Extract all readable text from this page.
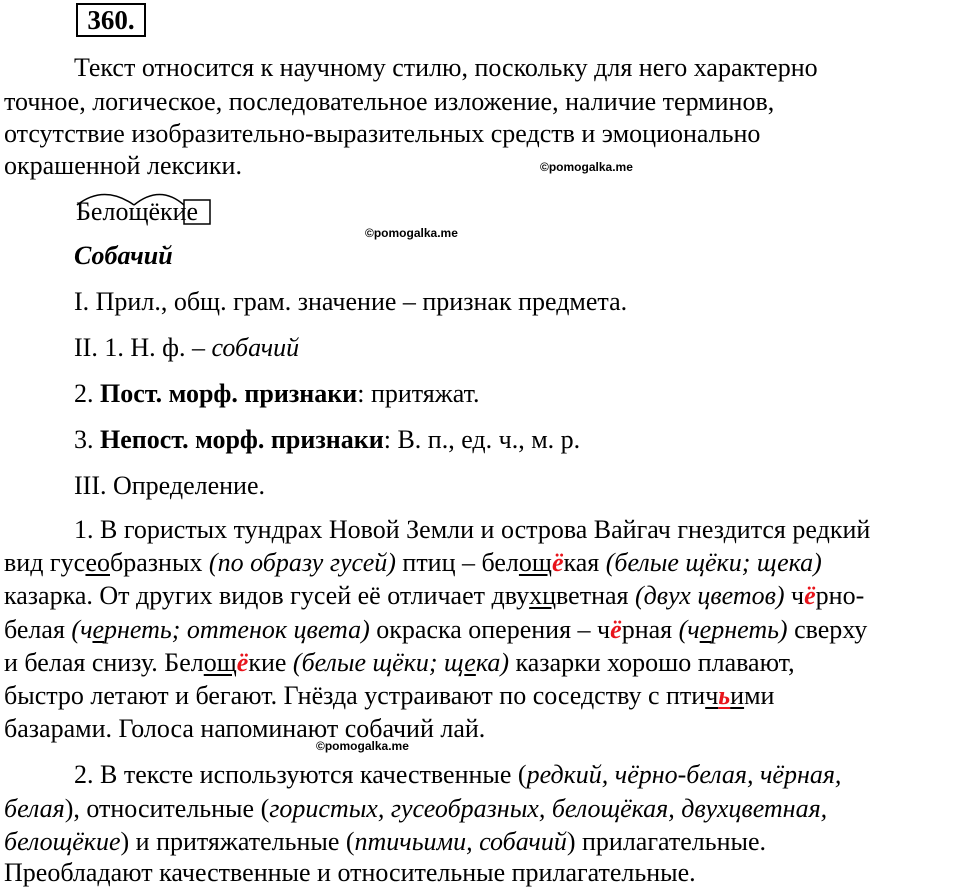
360.
Текст относится к научному стилю, поскольку для него характерно
точное, логическое, последовательное изложение, наличие терминов,
отсутствие изобразительно-выразительных средств и эмоционально
окрашенной лексики.	©pomogalka.me
Белощёкие
©pomogalka.me
Собачий
I. Прил., общ. грам. значение – признак предмета.
II. 1. Н. ф. – собачий
2. Пост. морф. признаки: притяжат.
3. Непост. морф. признаки: В. п., ед. ч., м. р.
III. Определение.
1. В гористых тундрах Новой Земли и острова Вайгач гнездится редкий
вид гусеобразных (по образу гусей) птиц – белощёкая (белые щёки; щека)
казарка. От других видов гусей её отличает двухцветная (двух цветов) чёрно-
белая (чернеть; оттенок цвета) окраска оперения – чёрная (чернеть) сверху
и белая снизу. Белощёкие (белые щёки; щека) казарки хорошо плавают,
быстро летают и бегают. Гнёзда устраивают по соседству с птичьими
базарами. Голоса напоминают собачий лай.
©pomogalka.me
2. В тексте используются качественные (редкий, чёрно-белая, чёрная,
белая), относительные (гористых, гусеобразных, белощёкая, двухцветная,
белощёкие) и притяжательные (птичьими, собачий) прилагательные.
Преобладают качественные и относительные прилагательные.
